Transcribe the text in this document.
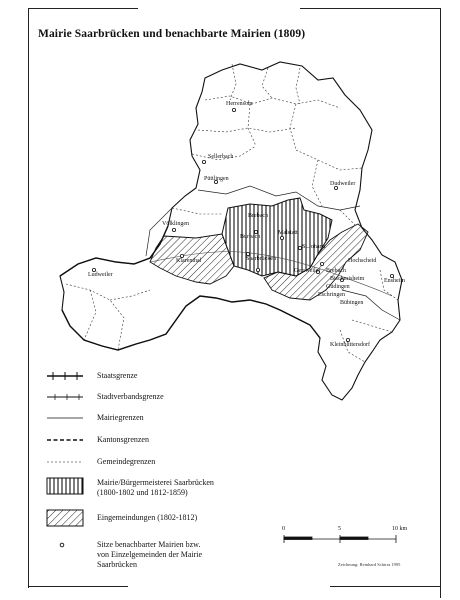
Mairie Saarbrücken und benachbarte Mairien (1809)
Herrensohr
Sellerbach
Püttlingen
Dudweiler
Völklingen
Brebach
Burbach
Malstatt
St.Johann
Klarenthal	Saarbrücken
Ludweiler
Gersweiler Brebach
Hochscheid
Bischmisheim
Güdingen
Eschringen
Bübingen
Ensheim
Kleinblittersdorf
Staatsgrenze
Stadtverbandsgrenze
Mairiegrenzen
Kantonsgrenzen
Gemeindegrenzen
Mairie/Bürgermeisterei Saarbrücken
(1800-1802 und 1812-1859)
Eingemeindungen (1802-1812)
Sitze benachbarter Mairien bzw.
von Einzelgemeinden der Mairie
Saarbrücken
0	5	10 km
Zeichnung: Reinhard Schirra 1995
